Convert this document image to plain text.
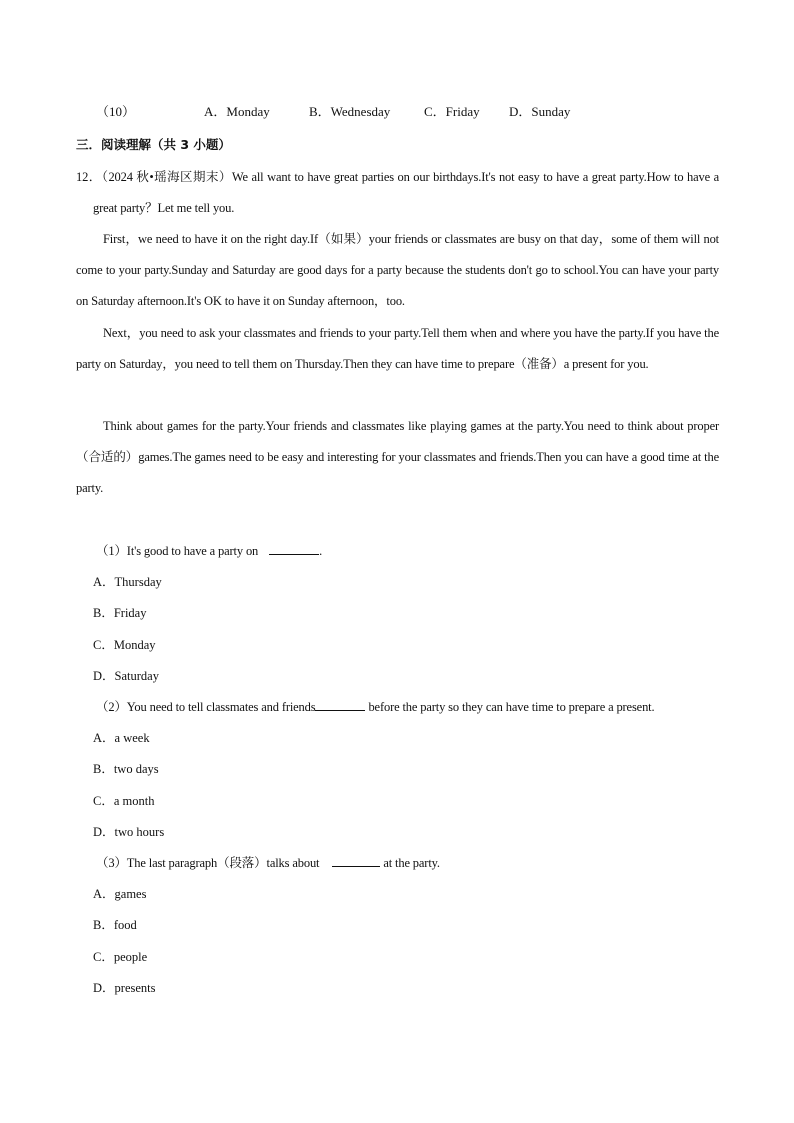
（10）	A．Monday	B．Wednesday	C．Friday D．Sunday
三．阅读理解（共 3 小题）
12．（2024 秋•瑶海区期末）We all want to have great parties on our birthdays.It's not easy to have a great party.How to have a great party？Let me tell you.
First，we need to have it on the right day.If（如果）your friends or classmates are busy on that day，some of them will not come to your party.Sunday and Saturday are good days for a party because the students don't go to school.You can have your party on Saturday afternoon.It's OK to have it on Sunday afternoon，too.
Next，you need to ask your classmates and friends to your party.Tell them when and where you have the party.If you have the party on Saturday，you need to tell them on Thursday.Then they can have time to prepare（准备）a present for you.
Think about games for the party.Your friends and classmates like playing games at the party.You need to think about proper（合适的）games.The games need to be easy and interesting for your classmates and friends.Then you can have a good time at the party.
（1）It's good to have a party on	.
A．Thursday
B．Friday
C．Monday
D．Saturday
（2）You need to tell classmates and friends	before the party so they can have time to prepare a present.
A．a week
B．two days
C．a month
D．two hours
（3）The last paragraph（段落）talks about	at the party.
A．games
B．food
C．people
D．presents
